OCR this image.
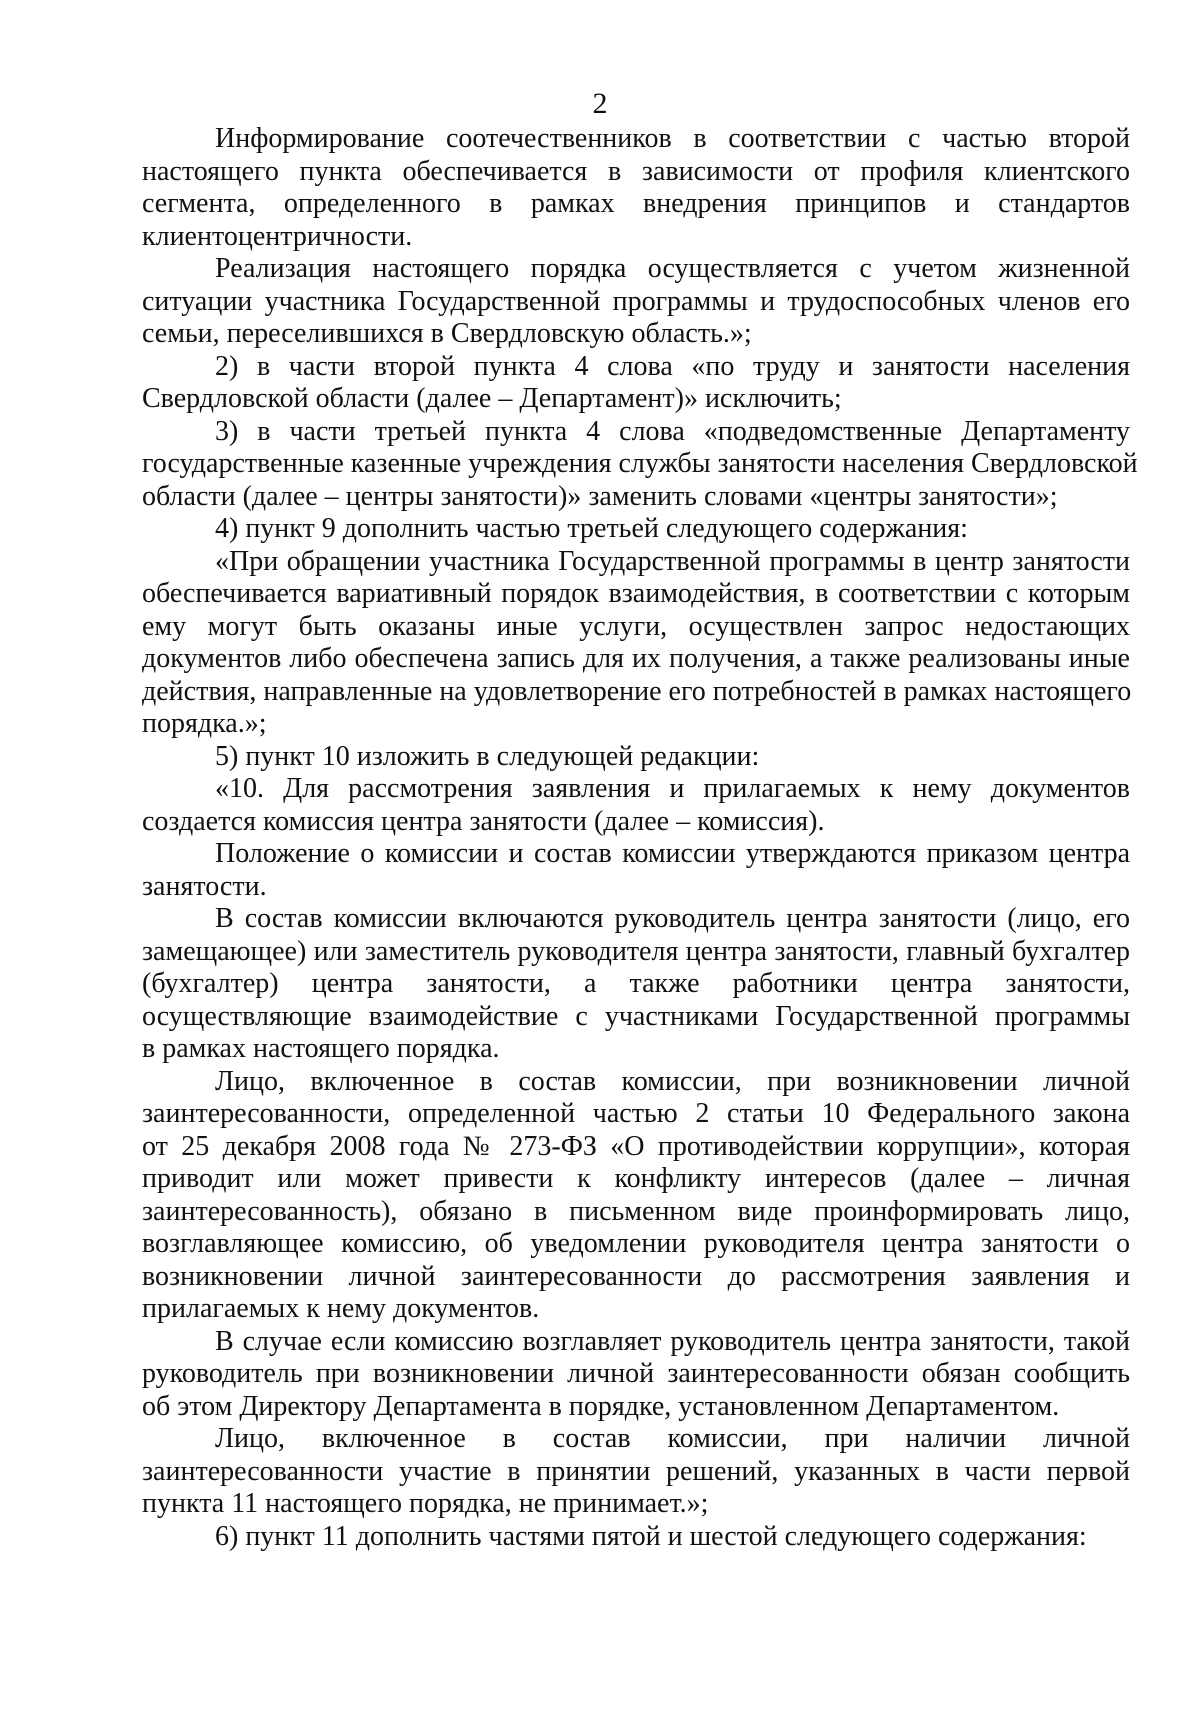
2
Информирование соотечественников в соответствии с частью второй
настоящего пункта обеспечивается в зависимости от профиля клиентского
сегмента, определенного в рамках внедрения принципов и стандартов
клиентоцентричности.
Реализация настоящего порядка осуществляется с учетом жизненной
ситуации участника Государственной программы и трудоспособных членов его
семьи, переселившихся в Свердловскую область.»;
2) в части второй пункта 4 слова «по труду и занятости населения
Свердловской области (далее – Департамент)» исключить;
3) в части третьей пункта 4 слова «подведомственные Департаменту
государственные казенные учреждения службы занятости населения Свердловской
области (далее – центры занятости)» заменить словами «центры занятости»;
4) пункт 9 дополнить частью третьей следующего содержания:
«При обращении участника Государственной программы в центр занятости
обеспечивается вариативный порядок взаимодействия, в соответствии с которым
ему могут быть оказаны иные услуги, осуществлен запрос недостающих
документов либо обеспечена запись для их получения, а также реализованы иные
действия, направленные на удовлетворение его потребностей в рамках настоящего
порядка.»;
5) пункт 10 изложить в следующей редакции:
«10. Для рассмотрения заявления и прилагаемых к нему документов
создается комиссия центра занятости (далее – комиссия).
Положение о комиссии и состав комиссии утверждаются приказом центра
занятости.
В состав комиссии включаются руководитель центра занятости (лицо, его
замещающее) или заместитель руководителя центра занятости, главный бухгалтер
(бухгалтер) центра занятости, а также работники центра занятости,
осуществляющие взаимодействие с участниками Государственной программы
в рамках настоящего порядка.
Лицо, включенное в состав комиссии, при возникновении личной
заинтересованности, определенной частью 2 статьи 10 Федерального закона
от 25 декабря 2008 года № 273-ФЗ «О противодействии коррупции», которая
приводит или может привести к конфликту интересов (далее – личная
заинтересованность), обязано в письменном виде проинформировать лицо,
возглавляющее комиссию, об уведомлении руководителя центра занятости о
возникновении личной заинтересованности до рассмотрения заявления и
прилагаемых к нему документов.
В случае если комиссию возглавляет руководитель центра занятости, такой
руководитель при возникновении личной заинтересованности обязан сообщить
об этом Директору Департамента в порядке, установленном Департаментом.
Лицо, включенное в состав комиссии, при наличии личной
заинтересованности участие в принятии решений, указанных в части первой
пункта 11 настоящего порядка, не принимает.»;
6) пункт 11 дополнить частями пятой и шестой следующего содержания:
